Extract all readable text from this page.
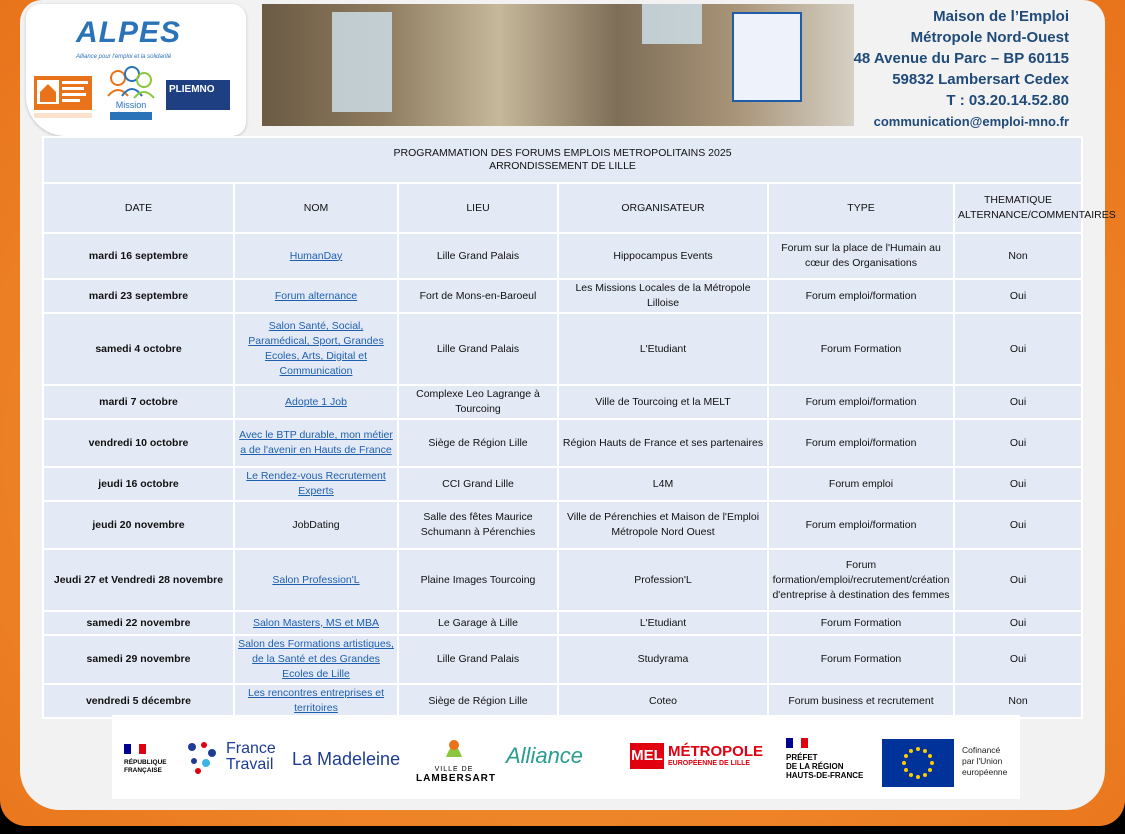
ALPES
Alliance pour l'emploi et la solidarité
Mission Locale
PLIEMNO
Maison de l’Emploi
Métropole Nord-Ouest
48 Avenue du Parc – BP 60115
59832 Lambersart Cedex
T : 03.20.14.52.80
communication@emploi-mno.fr
PROGRAMMATION DES FORUMS EMPLOIS METROPOLITAINS 2025
ARRONDISSEMENT DE LILLE					

DATE	NOM	LIEU	ORGANISATEUR	TYPE	THEMATIQUE ALTERNANCE/COMMENTAIRES
mardi 16 septembre	HumanDay	Lille Grand Palais	Hippocampus Events	Forum sur la place de l'Humain au cœur des Organisations	Non
mardi 23 septembre	Forum alternance	Fort de Mons-en-Baroeul	Les Missions Locales de la Métropole Lilloise	Forum emploi/formation	Oui
samedi 4 octobre	Salon Santé, Social, Paramédical, Sport, Grandes Ecoles, Arts, Digital et Communication	Lille Grand Palais	L'Etudiant	Forum Formation	Oui
mardi 7 octobre	Adopte 1 Job	Complexe Leo Lagrange à Tourcoing	Ville de Tourcoing et la MELT	Forum emploi/formation	Oui
vendredi 10 octobre	Avec le BTP durable, mon métier a de l'avenir en Hauts de France	Siège de Région Lille	Région Hauts de France et ses partenaires	Forum emploi/formation	Oui
jeudi 16 octobre	Le Rendez-vous Recrutement Experts	CCI Grand Lille	L4M	Forum emploi	Oui
jeudi 20 novembre	JobDating	Salle des fêtes Maurice Schumann à Pérenchies	Ville de Pérenchies et Maison de l'Emploi Métropole Nord Ouest	Forum emploi/formation	Oui
Jeudi 27 et Vendredi 28 novembre	Salon Profession'L	Plaine Images Tourcoing	Profession'L	Forum formation/emploi/recrutement/création d'entreprise à destination des femmes	Oui
samedi 22 novembre	Salon Masters, MS et MBA	Le Garage à Lille	L'Etudiant	Forum Formation	Oui
samedi 29 novembre	Salon des Formations artistiques, de la Santé et des Grandes Ecoles de Lille	Lille Grand Palais	Studyrama	Forum Formation	Oui
vendredi 5 décembre	Les rencontres entreprises et territoires	Siège de Région Lille	Coteo	Forum business et recrutement	Non
RÉPUBLIQUE FRANÇAISE
France
Travail La Madeleine
VILLE DE
LAMBERSART
Alliance	MEL MÉTROPOLE
EUROPÉENNE DE LILLE
PRÉFET
DE LA RÉGION
HAUTS-DE-FRANCE
Cofinancé
par l'Union
européenne
